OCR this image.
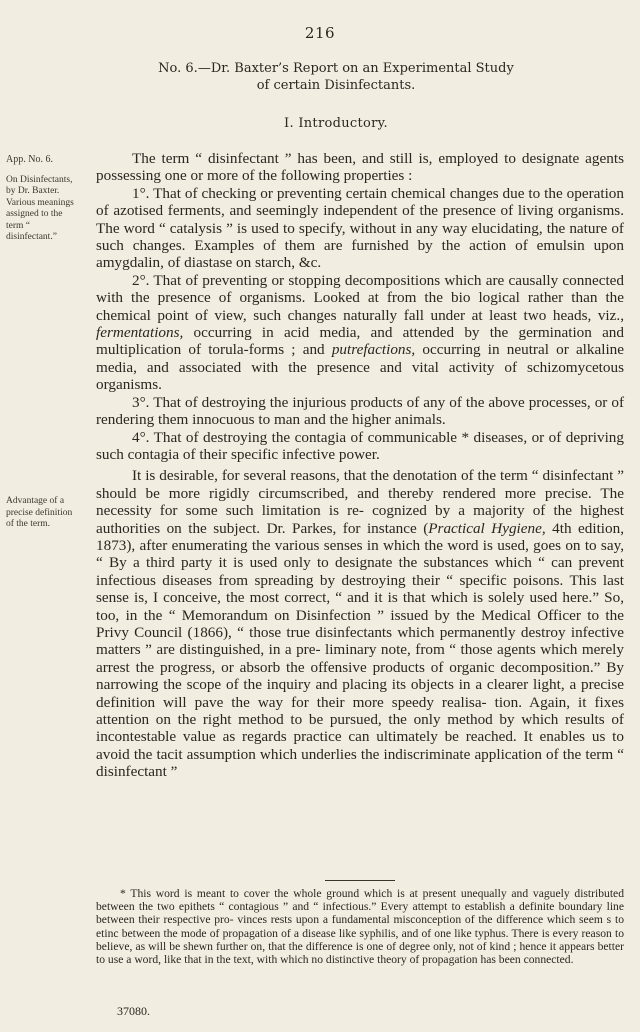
216
No. 6.—Dr. Baxter’s Report on an Experimental Study
of certain Disinfectants.
I. Introductory.
App. No. 6.
On Disinfectants, by Dr. Baxter. Various meanings assigned to the term “ disinfectant.”
Advantage of a precise definition of the term.

The term “ disinfectant ” has been, and still is, employed to designate agents possessing one or more of the following properties :

1°. That of checking or preventing certain chemical changes due to the operation of azotised ferments, and seemingly independent of the presence of living organisms. The word “ catalysis ” is used to specify, without in any way elucidating, the nature of such changes. Examples of them are furnished by the action of emulsin upon amygdalin, of diastase on starch, &c.

2°. That of preventing or stopping decompositions which are causally connected with the presence of organisms. Looked at from the bio logical rather than the chemical point of view, such changes naturally fall under at least two heads, viz., fermentations, occurring in acid media, and attended by the germination and multiplication of torula-forms ; and putrefactions, occurring in neutral or alkaline media, and associated with the presence and vital activity of schizomycetous organisms.

3°. That of destroying the injurious products of any of the above processes, or of rendering them innocuous to man and the higher animals.

4°. That of destroying the contagia of communicable * diseases, or of depriving such contagia of their specific infective power.

It is desirable, for several reasons, that the denotation of the term “ disinfectant ” should be more rigidly circumscribed, and thereby rendered more precise. The necessity for some such limitation is re- cognized by a majority of the highest authorities on the subject. Dr. Parkes, for instance (Practical Hygiene, 4th edition, 1873), after enumerating the various senses in which the word is used, goes on to say, “ By a third party it is used only to designate the substances which “ can prevent infectious diseases from spreading by destroying their “ specific poisons. This last sense is, I conceive, the most correct, “ and it is that which is solely used here.” So, too, in the “ Memorandum on Disinfection ” issued by the Medical Officer to the Privy Council (1866), “ those true disinfectants which permanently destroy infective matters ” are distinguished, in a pre- liminary note, from “ those agents which merely arrest the progress, or absorb the offensive products of organic decomposition.” By narrowing the scope of the inquiry and placing its objects in a clearer light, a precise definition will pave the way for their more speedy realisa- tion. Again, it fixes attention on the right method to be pursued, the only method by which results of incontestable value as regards practice can ultimately be reached. It enables us to avoid the tacit assumption which underlies the indiscriminate application of the term “ disinfectant ”

* This word is meant to cover the whole ground which is at present unequally and vaguely distributed between the two epithets “ contagious ” and “ infectious.” Every attempt to establish a definite boundary line between their respective pro- vinces rests upon a fundamental misconception of the difference which seem s to etinc between the mode of propagation of a disease like syphilis, and of one like typhus. There is every reason to believe, as will be shewn further on, that the difference is one of degree only, not of kind ; hence it appears better to use a word, like that in the text, with which no distinctive theory of propagation has been connected.

37080.
